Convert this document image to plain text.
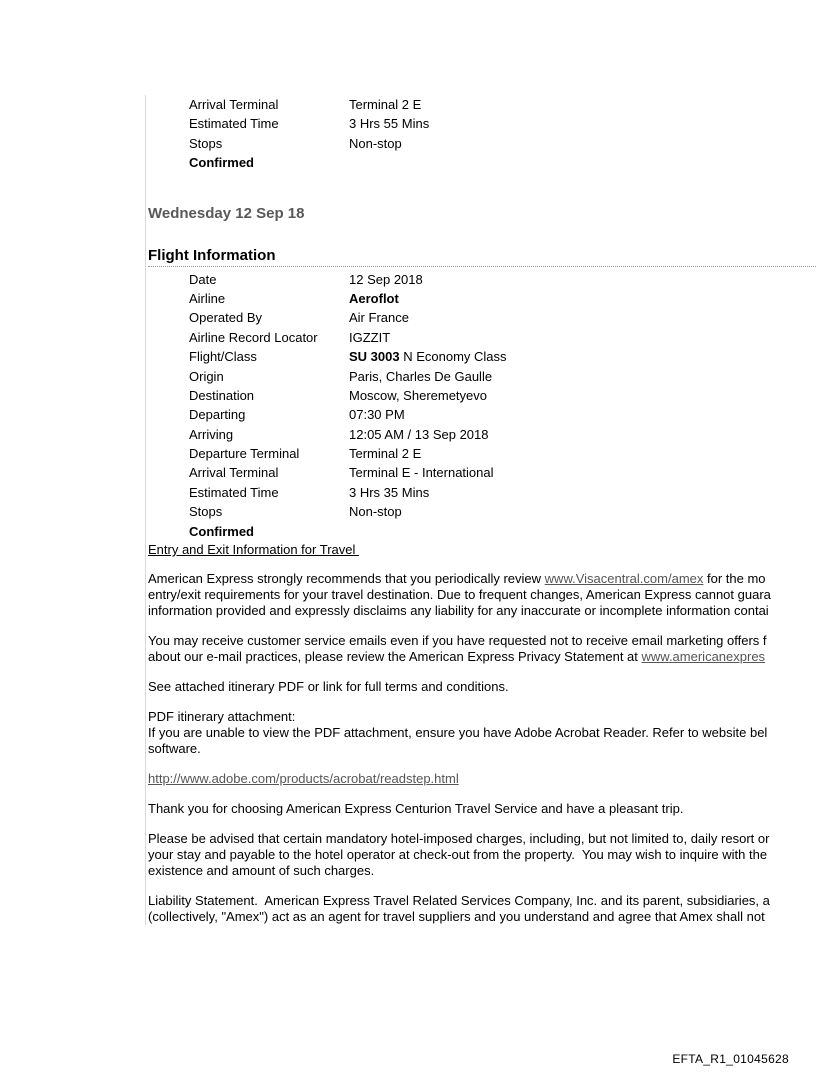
Arrival Terminal	Terminal 2 E
Estimated Time	3 Hrs 55 Mins
Stops	Non-stop
Confirmed
Wednesday 12 Sep 18
Flight Information
Date	12 Sep 2018
Airline	Aeroflot
Operated By	Air France
Airline Record Locator	IGZZIT
Flight/Class	SU 3003 N Economy Class
Origin	Paris, Charles De Gaulle
Destination	Moscow, Sheremetyevo
Departing	07:30 PM
Arriving	12:05 AM / 13 Sep 2018
Departure Terminal	Terminal 2 E
Arrival Terminal	Terminal E - International
Estimated Time	3 Hrs 35 Mins
Stops	Non-stop
Confirmed
Entry and Exit Information for Travel
American Express strongly recommends that you periodically review www.Visacentral.com/amex for the mo
entry/exit requirements for your travel destination. Due to frequent changes, American Express cannot guara
information provided and expressly disclaims any liability for any inaccurate or incomplete information contai
You may receive customer service emails even if you have requested not to receive email marketing offers f
about our e-mail practices, please review the American Express Privacy Statement at www.americanexpres
See attached itinerary PDF or link for full terms and conditions.
PDF itinerary attachment:
If you are unable to view the PDF attachment, ensure you have Adobe Acrobat Reader. Refer to website bel
software.
http://www.adobe.com/products/acrobat/readstep.html
Thank you for choosing American Express Centurion Travel Service and have a pleasant trip.
Please be advised that certain mandatory hotel-imposed charges, including, but not limited to, daily resort or
your stay and payable to the hotel operator at check-out from the property.  You may wish to inquire with the
existence and amount of such charges.
Liability Statement.  American Express Travel Related Services Company, Inc. and its parent, subsidiaries, a
(collectively, "Amex") act as an agent for travel suppliers and you understand and agree that Amex shall not
EFTA_R1_01045628
